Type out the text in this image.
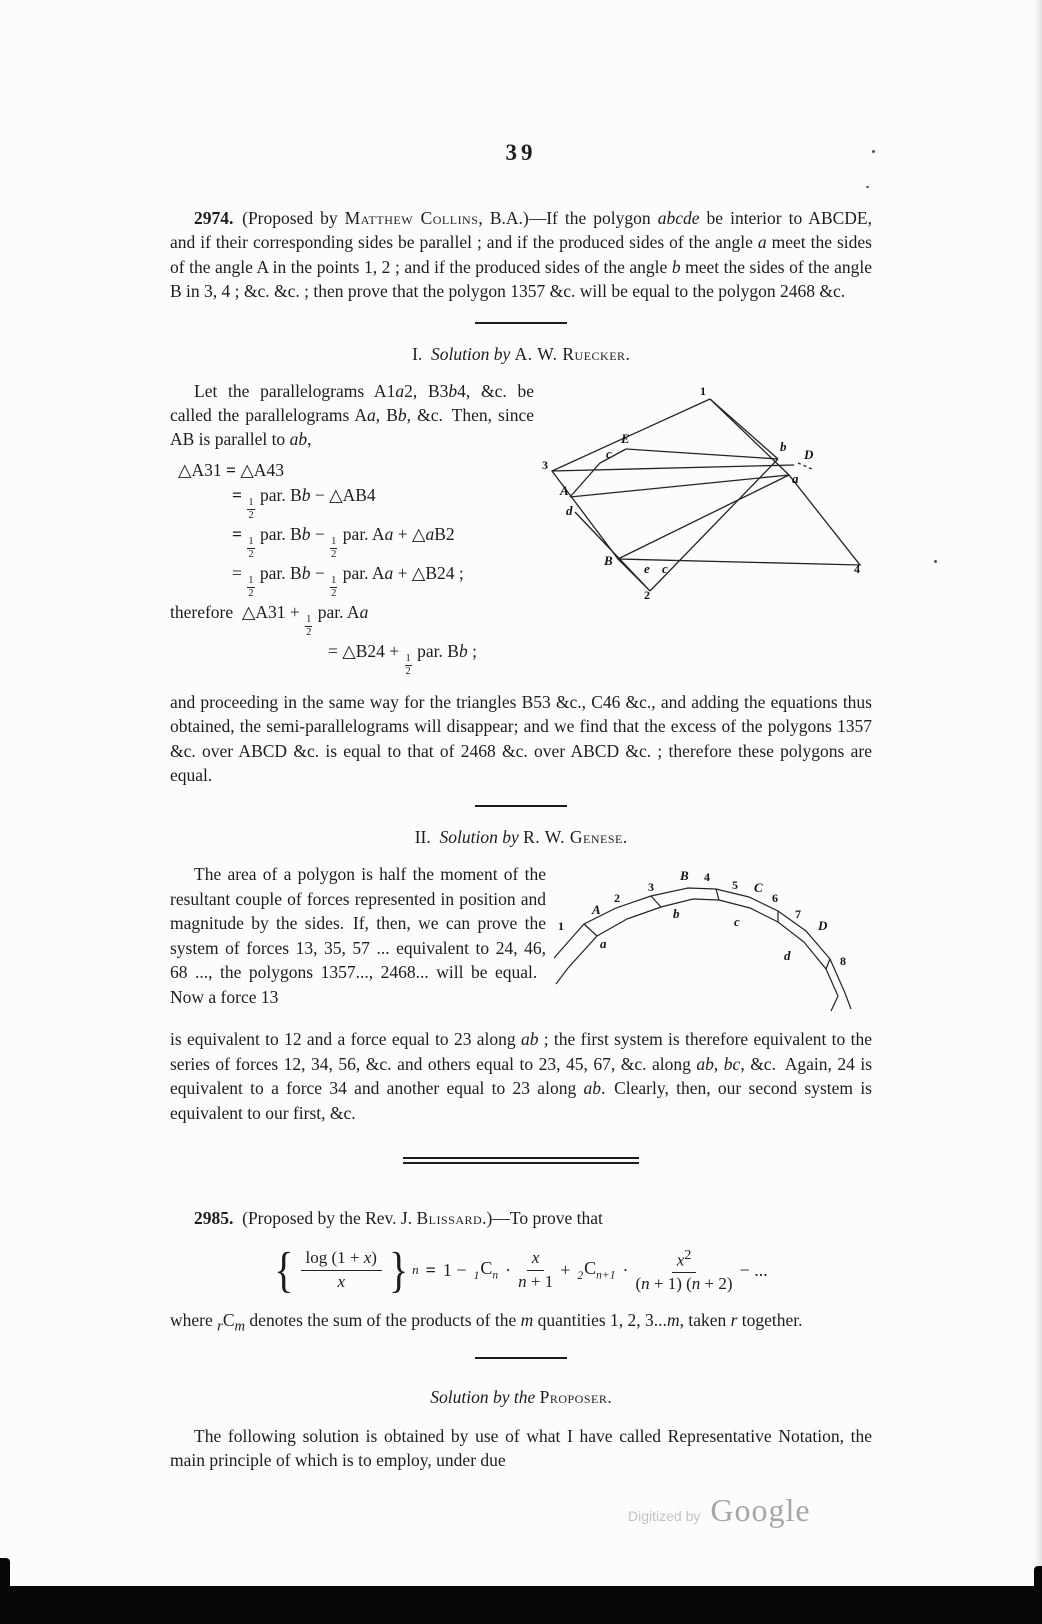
39

2974. (Proposed by Matthew Collins, B.A.)—If the polygon abcde be interior to ABCDE, and if their corresponding sides be parallel ; and if the produced sides of the angle a meet the sides of the angle A in the points 1, 2 ; and if the produced sides of the angle b meet the sides of the angle B in 3, 4 ; &c. &c. ; then prove that the polygon 1357 &c. will be equal to the polygon 2468 &c.

I. Solution by A. W. Ruecker.
1
3
E
c	b
D
a
A
d
B
e c	4
2

Let the parallelograms A1a2, B3b4, &c. be called the parallelograms Aa, Bb, &c. Then, since AB is parallel to ab,

△A31 = △A43
=
$\frac{1}{2}$
par. Bb − △AB4
=
$\frac{1}{2}$
par. Bb −
$\frac{1}{2}$
par. Aa + △aB2
=
$\frac{1}{2}$
par. Bb −
$\frac{1}{2}$
par. Aa + △B24 ;
therefore △A31 +
$\frac{1}{2}$
par. Aa
= △B24 +
$\frac{1}{2}$
par. Bb ;

and proceeding in the same way for the triangles B53 &c., C46 &c., and adding the equations thus obtained, the semi-parallelograms will disappear; and we find that the excess of the polygons 1357 &c. over ABCD &c. is equal to that of 2468 &c. over ABCD &c. ; therefore these polygons are equal.

II. Solution by R. W. Genese.
1
A
2
3
B 4
5 C
6
7
D
8
a
b
c
d

The area of a polygon is half the moment of the resultant couple of forces represented in position and magnitude by the sides. If, then, we can prove the system of forces 13, 35, 57 ... equivalent to 24, 46, 68 ..., the polygons 1357..., 2468... will be equal. Now a force 13

is equivalent to 12 and a force equal to 23 along ab ; the first system is therefore equivalent to the series of forces 12, 34, 56, &c. and others equal to 23, 45, 67, &c. along ab, bc, &c. Again, 24 is equivalent to a force 34 and another equal to 23 along ab. Clearly, then, our second system is equivalent to our first, &c.

2985. (Proposed by the Rev. J. Blissard.)—To prove that

{ $\frac{\log (1 + x)}{x}$ } $n = 1 - _1C_n \cdot \frac{x}{n + 1} + _2C_{n+1} \cdot \frac{x^2}{(n + 1) (n + 2)}$ − ...

where $_rC_m$ denotes the sum of the products of the m quantities 1, 2, 3...m, taken r together.

Solution by the Proposer.

The following solution is obtained by use of what I have called Representative Notation, the main principle of which is to employ, under due

Digitized by Google
